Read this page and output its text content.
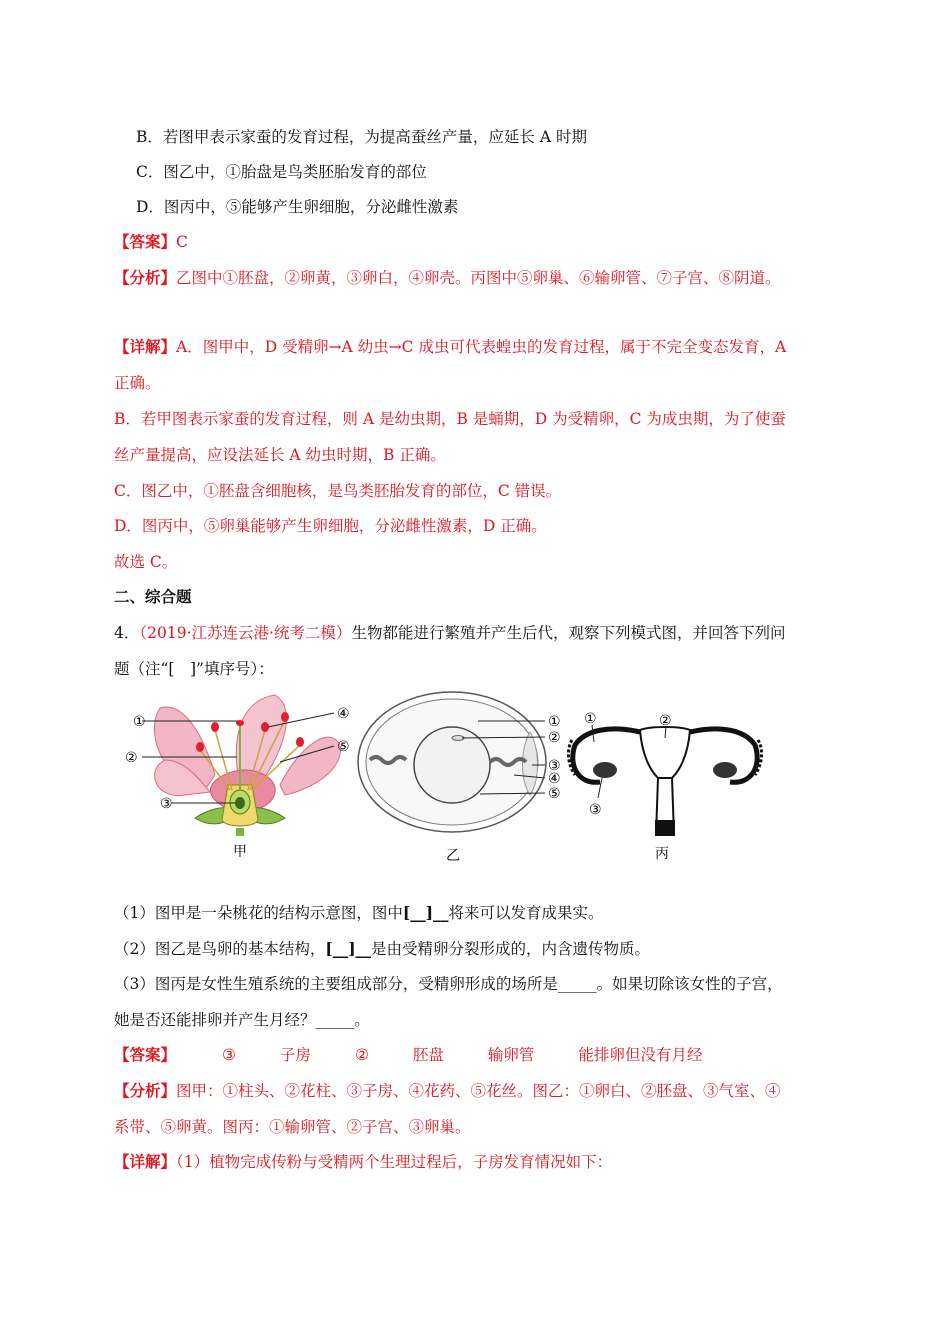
B．若图甲表示家蚕的发育过程，为提高蚕丝产量，应延长 A 时期
C．图乙中，①胎盘是鸟类胚胎发育的部位
D．图丙中，⑤能够产生卵细胞，分泌雌性激素
【答案】C
【分析】乙图中①胚盘，②卵黄，③卵白，④卵壳。丙图中⑤卵巢、⑥输卵管、⑦子宫、⑧阴道。
【详解】A．图甲中，D 受精卵→A 幼虫→C 成虫可代表蝗虫的发育过程，属于不完全变态发育，A
正确。
B．若甲图表示家蚕的发育过程，则 A 是幼虫期，B 是蛹期，D 为受精卵，C 为成虫期，为了使蚕
丝产量提高，应设法延长 A 幼虫时期，B 正确。
C．图乙中，①胚盘含细胞核，是鸟类胚胎发育的部位，C 错误。
D．图丙中，⑤卵巢能够产生卵细胞，分泌雌性激素，D 正确。
故选 C。
二、综合题
4．（2019·江苏连云港·统考二模）生物都能进行繁殖并产生后代，观察下列模式图，并回答下列问
题（注“[　]”填序号）：
①
②
③
④
⑤
甲
①
②
③
④
⑤
乙
①	②
③
丙
（1）图甲是一朵桃花的结构示意图，图中[__]__将来可以发育成果实。
（2）图乙是鸟卵的基本结构，[__]__是由受精卵分裂形成的，内含遗传物质。
（3）图丙是女性生殖系统的主要组成部分，受精卵形成的场所是_____。如果切除该女性的子宫，
她是否还能排卵并产生月经？_____。
【答案】	③	子房	②	胚盘	输卵管	能排卵但没有月经
【分析】图甲：①柱头、②花柱、③子房、④花药、⑤花丝。图乙：①卵白、②胚盘、③气室、④
系带、⑤卵黄。图丙：①输卵管、②子宫、③卵巢。
【详解】（1）植物完成传粉与受精两个生理过程后，子房发育情况如下：
